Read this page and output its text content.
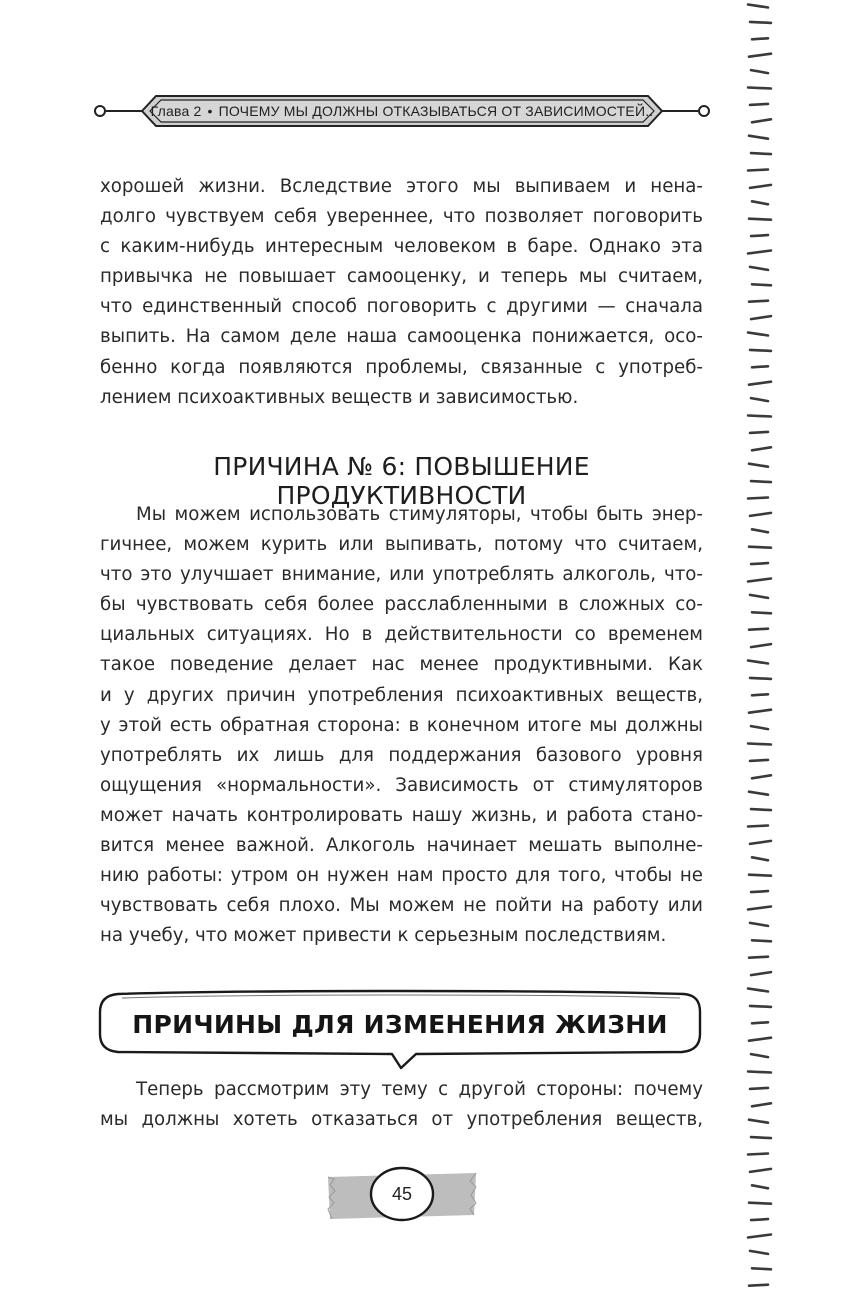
Глава 2 • ПОЧЕМУ МЫ ДОЛЖНЫ ОТКАЗЫВАТЬСЯ ОТ ЗАВИСИМОСТЕЙ..
хорошей жизни. Вследствие этого мы выпиваем и нена-
долго чувствуем себя увереннее, что позволяет поговорить
с каким-нибудь интересным человеком в баре. Однако эта
привычка не повышает самооценку, и теперь мы считаем,
что единственный способ поговорить с другими — сначала
выпить. На самом деле наша самооценка понижается, осо-
бенно когда появляются проблемы, связанные с употреб-
лением психоактивных веществ и зависимостью.
ПРИЧИНА № 6: ПОВЫШЕНИЕ ПРОДУКТИВНОСТИ
Мы можем использовать стимуляторы, чтобы быть энер-
гичнее, можем курить или выпивать, потому что считаем,
что это улучшает внимание, или употреблять алкоголь, что-
бы чувствовать себя более расслабленными в сложных со-
циальных ситуациях. Но в действительности со временем
такое поведение делает нас менее продуктивными. Как
и у других причин употребления психоактивных веществ,
у этой есть обратная сторона: в конечном итоге мы должны
употреблять их лишь для поддержания базового уровня
ощущения «нормальности». Зависимость от стимуляторов
может начать контролировать нашу жизнь, и работа стано-
вится менее важной. Алкоголь начинает мешать выполне-
нию работы: утром он нужен нам просто для того, чтобы не
чувствовать себя плохо. Мы можем не пойти на работу или
на учебу, что может привести к серьезным последствиям.
ПРИЧИНЫ ДЛЯ ИЗМЕНЕНИЯ ЖИЗНИ
Теперь рассмотрим эту тему с другой стороны: почему
мы должны хотеть отказаться от употребления веществ,
45
